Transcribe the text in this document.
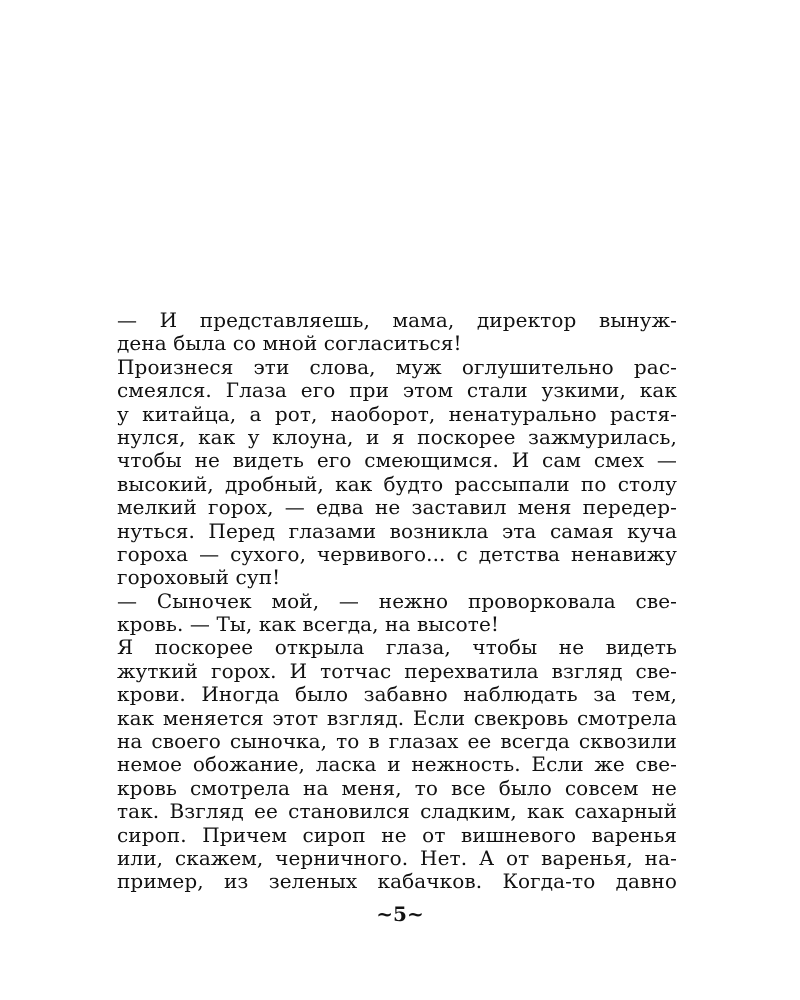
— И представляешь, мама, директор вынуж-
дена была со мной согласиться!
Произнеся эти слова, муж оглушительно рас-
смеялся. Глаза его при этом стали узкими, как
у китайца, а рот, наоборот, ненатурально растя-
нулся, как у клоуна, и я поскорее зажмурилась,
чтобы не видеть его смеющимся. И сам смех —
высокий, дробный, как будто рассыпали по столу
мелкий горох, — едва не заставил меня передер-
нуться. Перед глазами возникла эта самая куча
гороха — сухого, червивого... с детства ненавижу
гороховый суп!
— Сыночек мой, — нежно проворковала све-
кровь. — Ты, как всегда, на высоте!
Я поскорее открыла глаза, чтобы не видеть
жуткий горох. И тотчас перехватила взгляд све-
крови. Иногда было забавно наблюдать за тем,
как меняется этот взгляд. Если свекровь смотрела
на своего сыночка, то в глазах ее всегда сквозили
немое обожание, ласка и нежность. Если же све-
кровь смотрела на меня, то все было совсем не
так. Взгляд ее становился сладким, как сахарный
сироп. Причем сироп не от вишневого варенья
или, скажем, черничного. Нет. А от варенья, на-
пример, из зеленых кабачков. Когда-то давно
~5~
